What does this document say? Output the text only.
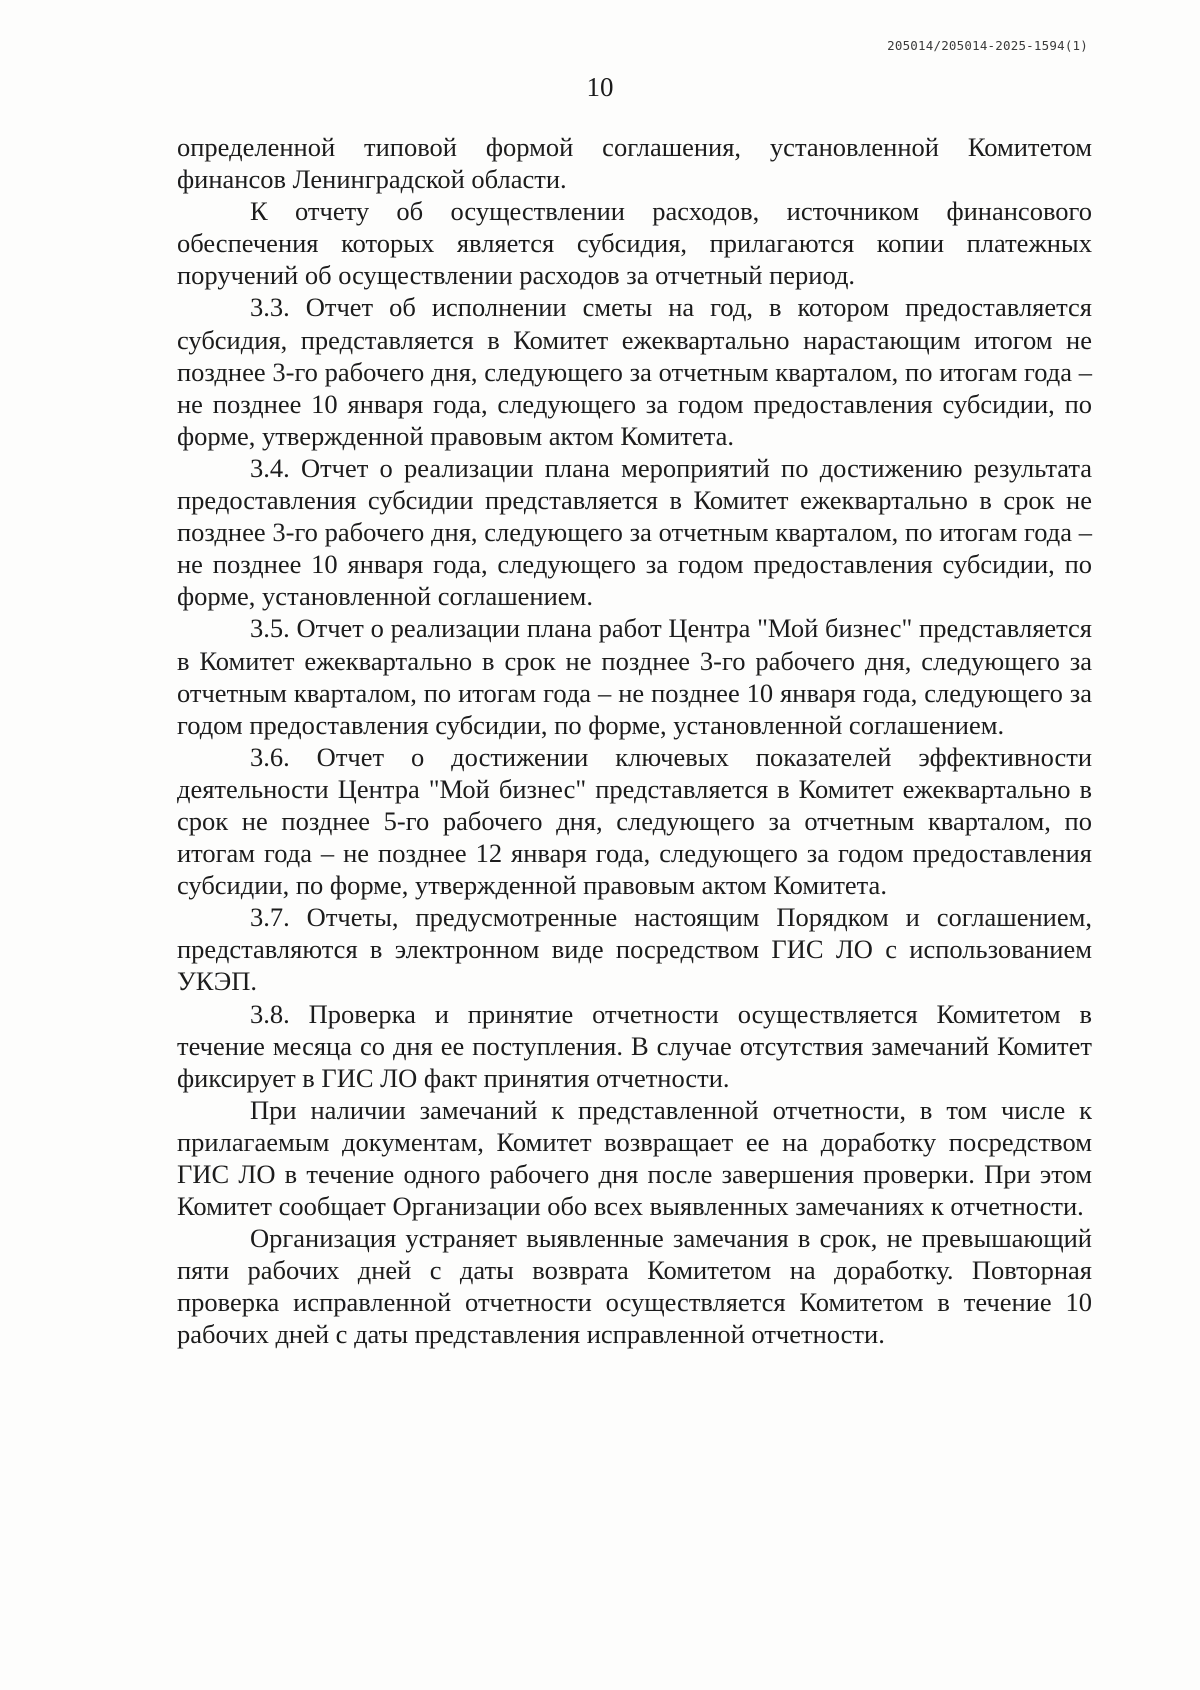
205014/205014-2025-1594(1)
10

определенной типовой формой соглашения, установленной Комитетом финансов Ленинградской области.

К отчету об осуществлении расходов, источником финансового обеспечения которых является субсидия, прилагаются копии платежных поручений об осуществлении расходов за отчетный период.

3.3. Отчет об исполнении сметы на год, в котором предоставляется субсидия, представляется в Комитет ежеквартально нарастающим итогом не позднее 3-го рабочего дня, следующего за отчетным кварталом, по итогам года – не позднее 10 января года, следующего за годом предоставления субсидии, по форме, утвержденной правовым актом Комитета.

3.4. Отчет о реализации плана мероприятий по достижению результата предоставления субсидии представляется в Комитет ежеквартально в срок не позднее 3-го рабочего дня, следующего за отчетным кварталом, по итогам года – не позднее 10 января года, следующего за годом предоставления субсидии, по форме, установленной соглашением.

3.5. Отчет о реализации плана работ Центра "Мой бизнес" представляется в Комитет ежеквартально в срок не позднее 3-го рабочего дня, следующего за отчетным кварталом, по итогам года – не позднее 10 января года, следующего за годом предоставления субсидии, по форме, установленной соглашением.

3.6. Отчет о достижении ключевых показателей эффективности деятельности Центра "Мой бизнес" представляется в Комитет ежеквартально в срок не позднее 5-го рабочего дня, следующего за отчетным кварталом, по итогам года – не позднее 12 января года, следующего за годом предоставления субсидии, по форме, утвержденной правовым актом Комитета.

3.7. Отчеты, предусмотренные настоящим Порядком и соглашением, представляются в электронном виде посредством ГИС ЛО с использованием УКЭП.

3.8. Проверка и принятие отчетности осуществляется Комитетом в течение месяца со дня ее поступления. В случае отсутствия замечаний Комитет фиксирует в ГИС ЛО факт принятия отчетности.

При наличии замечаний к представленной отчетности, в том числе к прилагаемым документам, Комитет возвращает ее на доработку посредством ГИС ЛО в течение одного рабочего дня после завершения проверки. При этом Комитет сообщает Организации обо всех выявленных замечаниях к отчетности.

Организация устраняет выявленные замечания в срок, не превышающий пяти рабочих дней с даты возврата Комитетом на доработку. Повторная проверка исправленной отчетности осуществляется Комитетом в течение 10 рабочих дней с даты представления исправленной отчетности.
